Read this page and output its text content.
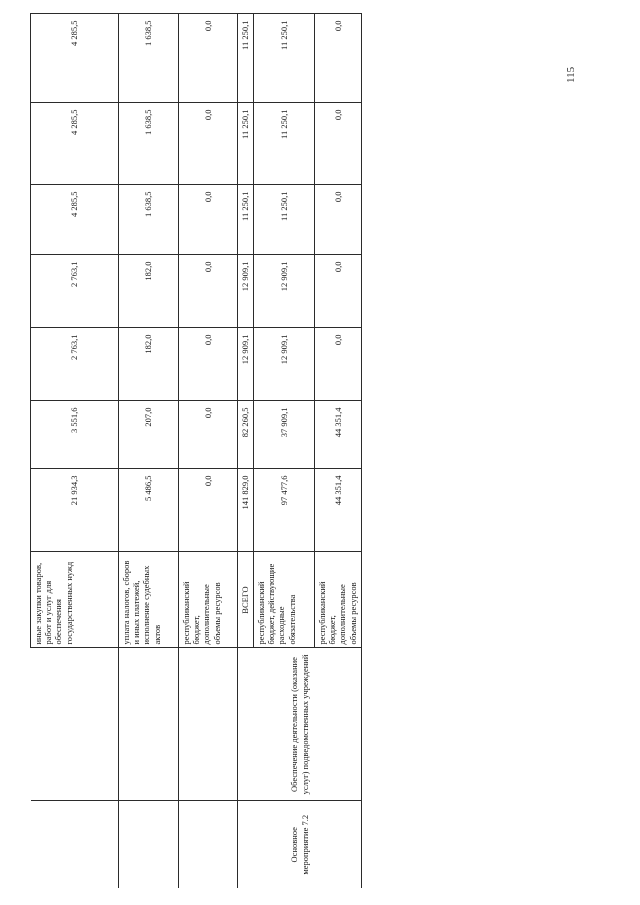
		иные закупки товаров, работ и услуг для обеспечения государственных нужд	21 934,3	3 551,6	2 763,1	2 763,1	4 285,5	4 285,5	4 285,5
		уплата налогов, сборов и иных платежей, исполнение судебных актов	5 486,5	207,0	182,0	182,0	1 638,5	1 638,5	1 638,5
		республиканский бюджет, дополнительные объемы ресурсов	0,0	0,0	0,0	0,0	0,0	0,0	0,0
Основное мероприятие 7.2	Обеспечение деятельности (оказание услуг) подведомственных учреждений	ВСЕГО	141 829,0	82 260,5	12 909,1	12 909,1	11 250,1	11 250,1	11 250,1
		республиканский бюджет, действующие расходные обязательства	97 477,6	37 909,1	12 909,1	12 909,1	11 250,1	11 250,1	11 250,1
		республиканский бюджет, дополнительные объемы ресурсов	44 351,4	44 351,4	0,0	0,0	0,0	0,0	0,0
115
